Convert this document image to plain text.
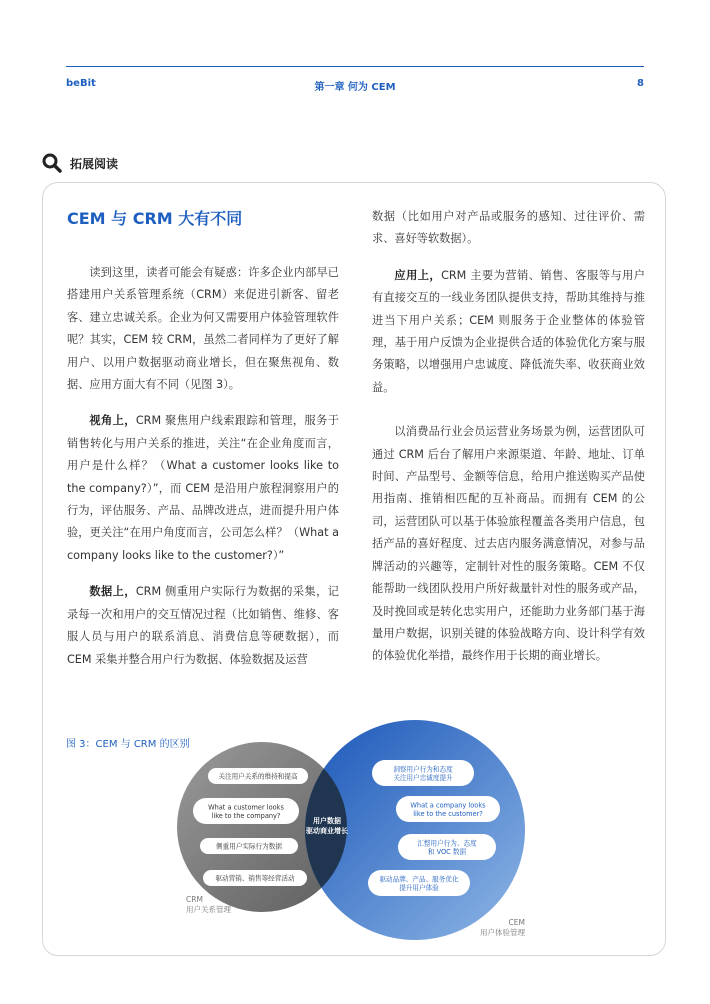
beBit	第一章 何为 CEM	8
拓展阅读
CEM 与 CRM 大有不同

读到这里，读者可能会有疑惑：许多企业内部早已搭建用户关系管理系统（CRM）来促进引新客、留老客、建立忠诚关系。企业为何又需要用户体验管理软件呢？其实，CEM 较 CRM，虽然二者同样为了更好了解用户、以用户数据驱动商业增长，但在聚焦视角、数据、应用方面大有不同（见图 3）。

视角上，CRM 聚焦用户线索跟踪和管理，服务于销售转化与用户关系的推进，关注“在企业角度而言，用户是什么样？（What a customer looks like to the company?）”，而 CEM 是沿用户旅程洞察用户的行为，评估服务、产品、品牌改进点，进而提升用户体验，更关注“在用户角度而言，公司怎么样？（What a company looks like to the customer?）”

数据上，CRM 侧重用户实际行为数据的采集，记录每一次和用户的交互情况过程（比如销售、维修、客服人员与用户的联系消息、消费信息等硬数据），而 CEM 采集并整合用户行为数据、体验数据及运营

数据（比如用户对产品或服务的感知、过往评价、需求、喜好等软数据）。

应用上，CRM 主要为营销、销售、客服等与用户有直接交互的一线业务团队提供支持，帮助其维持与推进当下用户关系；CEM 则服务于企业整体的体验管理，基于用户反馈为企业提供合适的体验优化方案与服务策略，以增强用户忠诚度、降低流失率、收获商业效益。

以消费品行业会员运营业务场景为例，运营团队可通过 CRM 后台了解用户来源渠道、年龄、地址、订单时间、产品型号、金额等信息，给用户推送购买产品使用指南、推销相匹配的互补商品。而拥有 CEM 的公司，运营团队可以基于体验旅程覆盖各类用户信息，包括产品的喜好程度、过去店内服务满意情况，对参与品牌活动的兴趣等，定制针对性的服务策略。CEM 不仅能帮助一线团队投用户所好裁量针对性的服务或产品，及时挽回或是转化忠实用户，还能助力业务部门基于海量用户数据，识别关键的体验战略方向、设计科学有效的体验优化举措，最终作用于长期的商业增长。

图 3：CEM 与 CRM 的区别
关注用户关系的维持和提高
What a customer looks
like to the company?
侧重用户实际行为数据
驱动营销、销售等经营活动
洞察用户行为和态度
关注用户忠诚度提升
What a company looks
like to the customer?
汇整用户行为、态度
和 VOC 数据
驱动品牌、产品、服务优化
提升用户体验
用户数据
驱动商业增长
CRM
用户关系管理
CEM
用户体验管理
